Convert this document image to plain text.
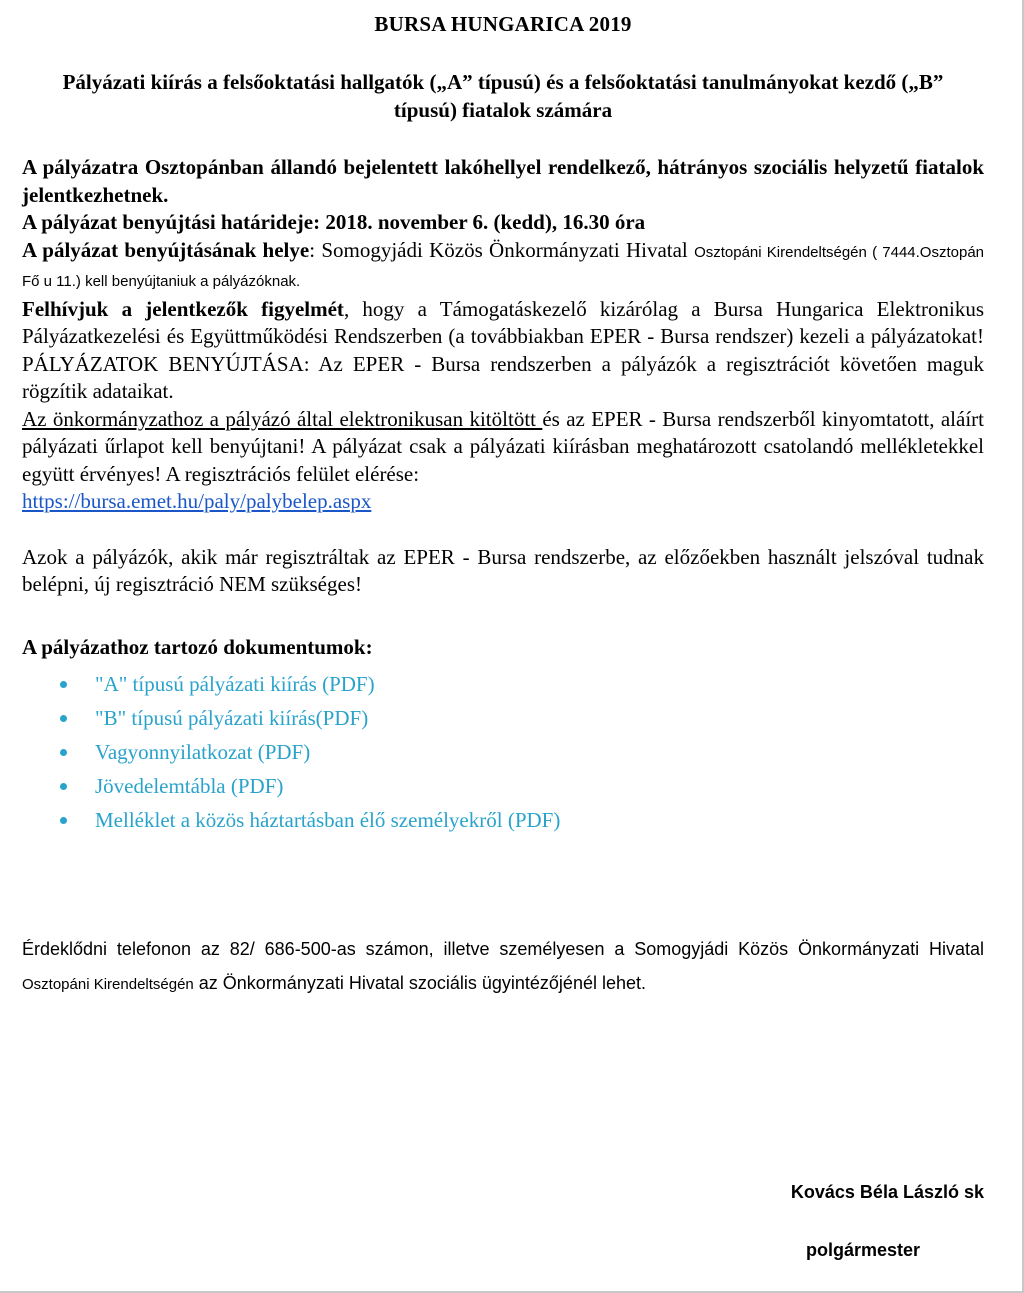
BURSA HUNGARICA 2019
Pályázati kiírás a felsőoktatási hallgatók („A” típusú) és a felsőoktatási tanulmányokat kezdő („B” típusú) fiatalok számára

A pályázatra Osztopánban állandó bejelentett lakóhellyel rendelkező, hátrányos szociális helyzetű fiatalok jelentkezhetnek.
A pályázat benyújtási határideje: 2018. november 6. (kedd), 16.30 óra
A pályázat benyújtásának helye: Somogyjádi Közös Önkormányzati Hivatal Osztopáni Kirendeltségén ( 7444.Osztopán Fő u 11.) kell benyújtaniuk a pályázóknak.
Felhívjuk a jelentkezők figyelmét, hogy a Támogatáskezelő kizárólag a Bursa Hungarica Elektronikus Pályázatkezelési és Együttműködési Rendszerben (a továbbiakban EPER - Bursa rendszer) kezeli a pályázatokat! PÁLYÁZATOK BENYÚJTÁSA: Az EPER - Bursa rendszerben a pályázók a regisztrációt követően maguk rögzítik adataikat.
Az önkormányzathoz a pályázó által elektronikusan kitöltött és az EPER - Bursa rendszerből kinyomtatott, aláírt pályázati űrlapot kell benyújtani! A pályázat csak a pályázati kiírásban meghatározott csatolandó mellékletekkel együtt érvényes! A regisztrációs felület elérése:
https://bursa.emet.hu/paly/palybelep.aspx

Azok a pályázók, akik már regisztráltak az EPER - Bursa rendszerbe, az előzőekben használt jelszóval tudnak belépni, új regisztráció NEM szükséges!

A pályázathoz tartozó dokumentumok:
"A" típusú pályázati kiírás (PDF)
"B" típusú pályázati kiírás(PDF)
Vagyonnyilatkozat (PDF)
Jövedelemtábla (PDF)
Melléklet a közös háztartásban élő személyekről (PDF)

Érdeklődni telefonon az 82/ 686-500-as számon, illetve személyesen a Somogyjádi Közös Önkormányzati Hivatal Osztopáni Kirendeltségén az Önkormányzati Hivatal szociális ügyintézőjénél lehet.

Kovács Béla László sk
polgármester
